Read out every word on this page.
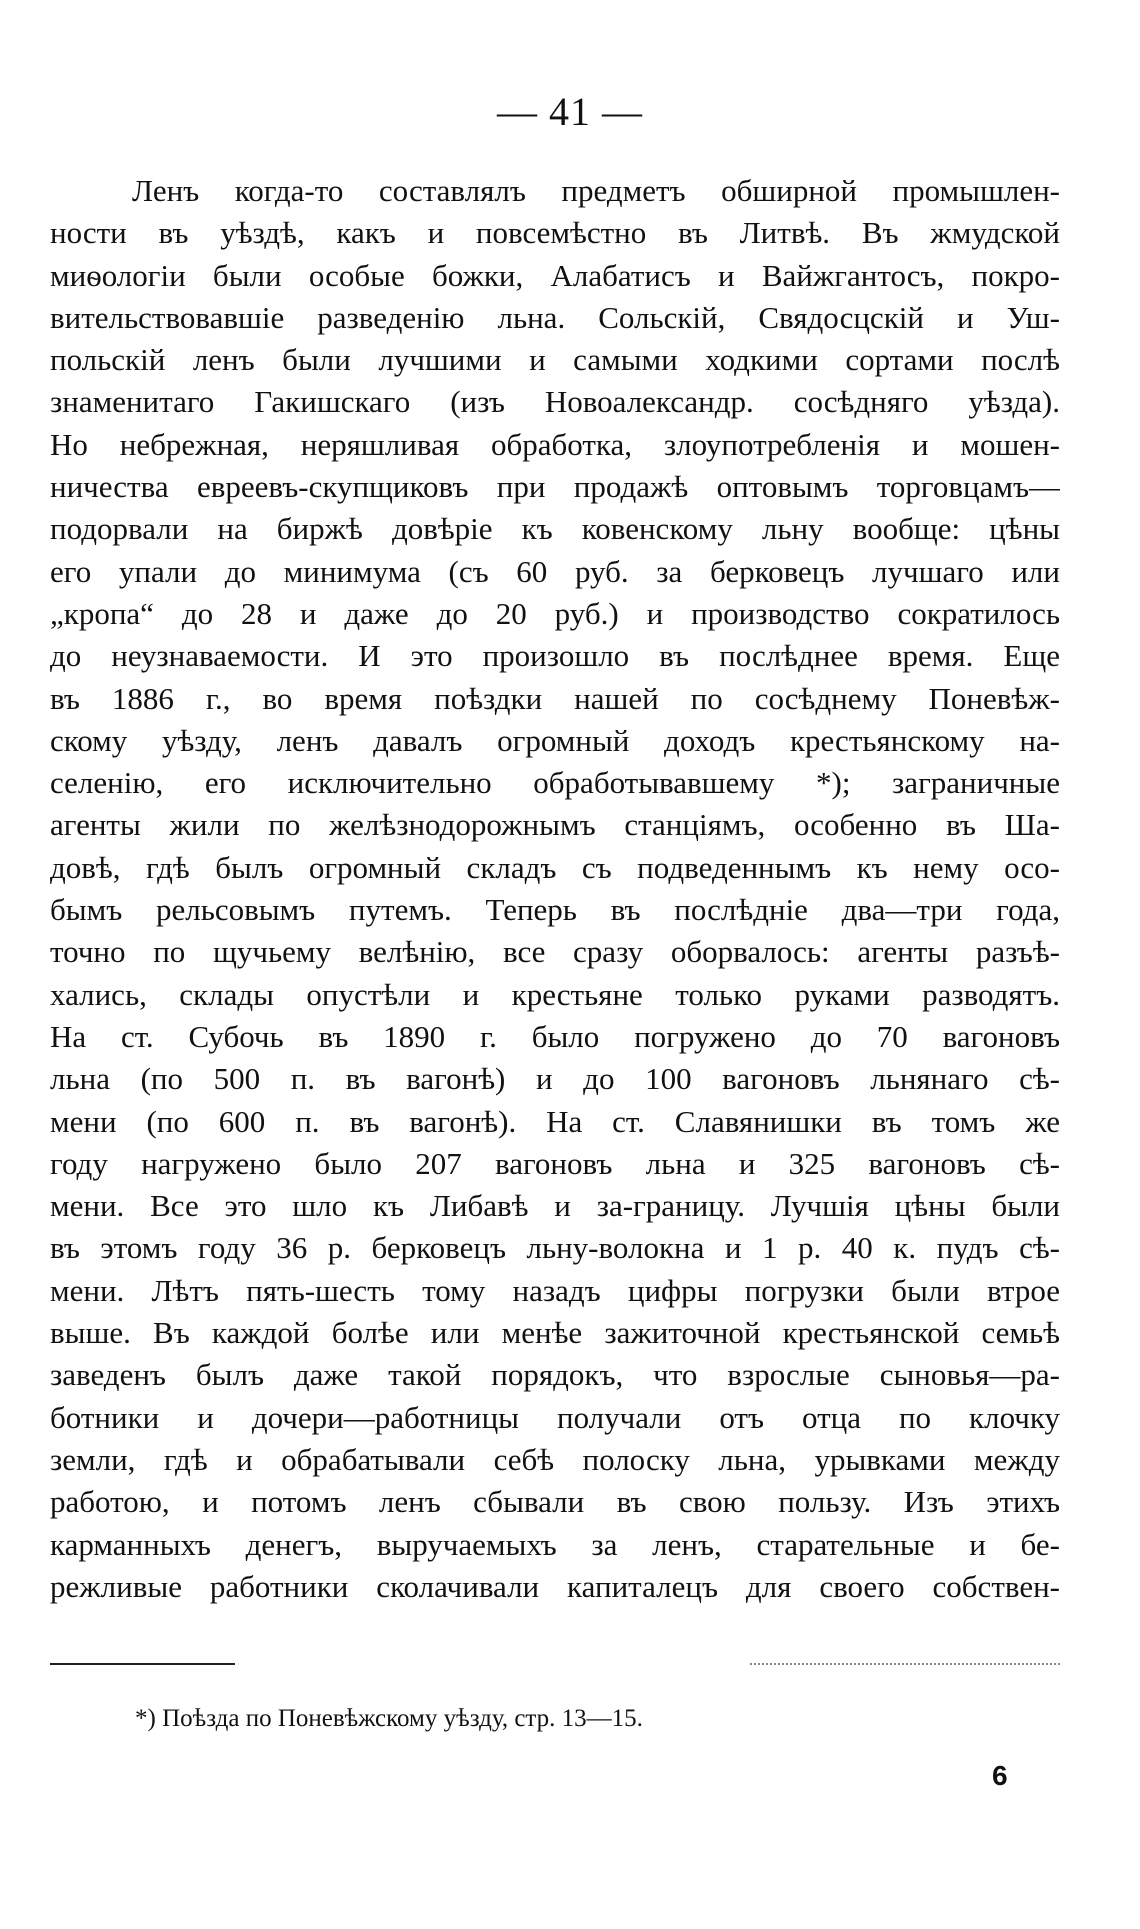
— 41 —
Ленъ когда-то составлялъ предметъ обширной промышлен-
ности въ уѣздѣ, какъ и повсемѣстно въ Литвѣ. Въ жмудской
миѳологіи были особые божки, Алабатисъ и Вайжгантосъ, покро-
вительствовавшіе разведенію льна. Сольскій, Свядосцскій и Уш-
польскій ленъ были лучшими и самыми ходкими сортами послѣ
знаменитаго Гакишскаго (изъ Новоалександр. сосѣдняго уѣзда).
Но небрежная, неряшливая обработка, злоупотребленія и мошен-
ничества евреевъ-скупщиковъ при продажѣ оптовымъ торговцамъ—
подорвали на биржѣ довѣріе къ ковенскому льну вообще: цѣны
его упали до минимума (съ 60 руб. за берковецъ лучшаго или
„кропа“ до 28 и даже до 20 руб.) и производство сократилось
до неузнаваемости. И это произошло въ послѣднее время. Еще
въ 1886 г., во время поѣздки нашей по сосѣднему Поневѣж-
скому уѣзду, ленъ давалъ огромный доходъ крестьянскому на-
селенію, его исключительно обработывавшему *); заграничные
агенты жили по желѣзнодорожнымъ станціямъ, особенно въ Ша-
довѣ, гдѣ былъ огромный складъ съ подведеннымъ къ нему осо-
бымъ рельсовымъ путемъ. Теперь въ послѣдніе два—три года,
точно по щучьему велѣнію, все сразу оборвалось: агенты разъѣ-
хались, склады опустѣли и крестьяне только руками разводятъ.
На ст. Субочь въ 1890 г. было погружено до 70 вагоновъ
льна (по 500 п. въ вагонѣ) и до 100 вагоновъ льнянаго сѣ-
мени (по 600 п. въ вагонѣ). На ст. Славянишки въ томъ же
году нагружено было 207 вагоновъ льна и 325 вагоновъ сѣ-
мени. Все это шло къ Либавѣ и за-границу. Лучшія цѣны были
въ этомъ году 36 р. берковецъ льну-волокна и 1 р. 40 к. пудъ сѣ-
мени. Лѣтъ пять-шесть тому назадъ цифры погрузки были втрое
выше. Въ каждой болѣе или менѣе зажиточной крестьянской семьѣ
заведенъ былъ даже такой порядокъ, что взрослые сыновья—ра-
ботники и дочери—работницы получали отъ отца по клочку
земли, гдѣ и обрабатывали себѣ полоску льна, урывками между
работою, и потомъ ленъ сбывали въ свою пользу. Изъ этихъ
карманныхъ денегъ, выручаемыхъ за ленъ, старательные и бе-
режливые работники сколачивали капиталецъ для своего собствен-
*) Поѣзда по Поневѣжскому уѣзду, стр. 13—15.
6
